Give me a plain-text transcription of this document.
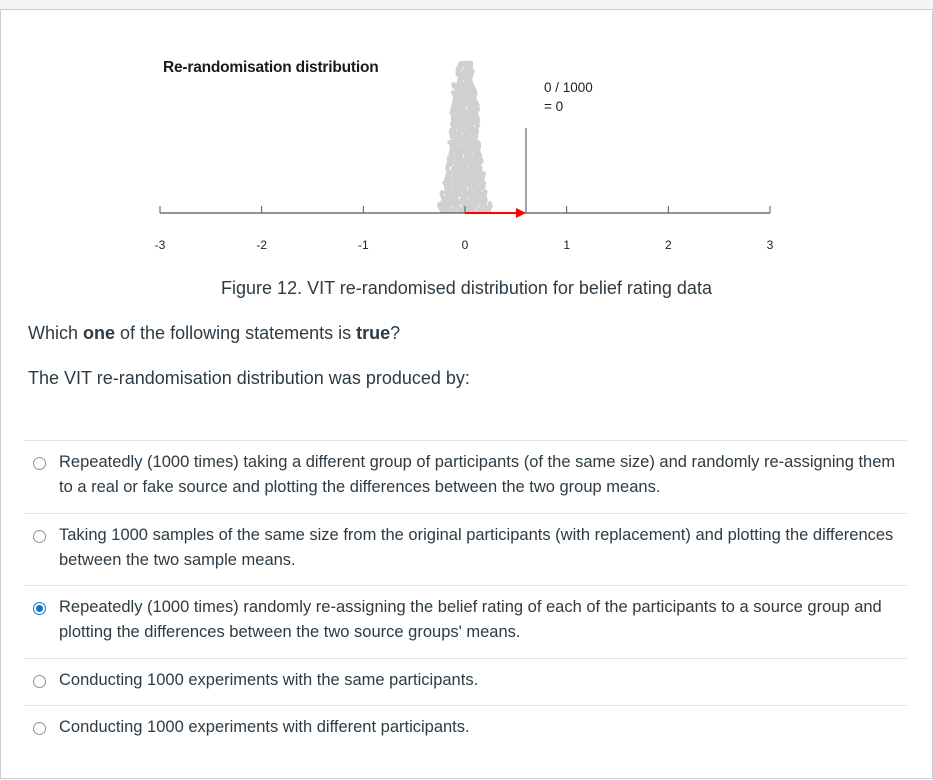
Re-randomisation distribution
-3	-2	-1	0	1	2	3
0 / 1000
= 0
Figure 12. VIT re-randomised distribution for belief rating data
Which one of the following statements is true?
The VIT re-randomisation distribution was produced by:
Repeatedly (1000 times) taking a different group of participants (of the same size) and randomly re-assigning them to a real or fake source and plotting the differences between the two group means.
Taking 1000 samples of the same size from the original participants (with replacement) and plotting the differences between the two sample means.
Repeatedly (1000 times) randomly re-assigning the belief rating of each of the participants to a source group and plotting the differences between the two source groups' means.
Conducting 1000 experiments with the same participants.
Conducting 1000 experiments with different participants.
